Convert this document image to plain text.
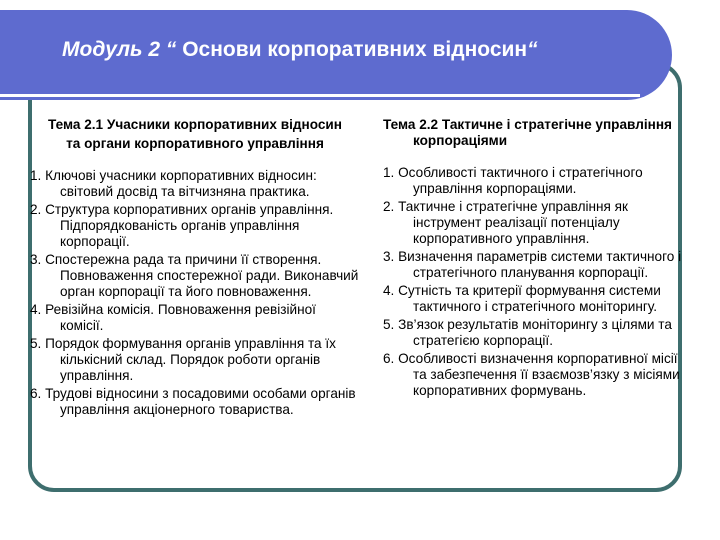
Модуль 2 “ Основи корпоративних відносин“
Тема 2.1 Учасники корпоративних відносин
та органи корпоративного управління
1. Ключові учасники корпоративних відносин: світовий досвід та вітчизняна практика.
2. Структура корпоративних органів управління. Підпорядкованість органів управління корпорації.
3. Спостережна рада та причини її створення. Повноваження спостережної ради. Виконавчий орган корпорації та його повноваження.
4. Ревізійна комісія. Повноваження ревізійної комісії.
5. Порядок формування органів управління та їх кількісний склад. Порядок роботи органів управління.
6. Трудові відносини з посадовими особами органів управління акціонерного товариства.
Тема 2.2 Тактичне і стратегічне управління корпораціями
1. Особливості тактичного і стратегічного управління корпораціями.
2. Тактичне і стратегічне управління як інструмент реалізації потенціалу корпоративного управління.
3. Визначення параметрів системи тактичного і стратегічного планування корпорації.
4. Сутність та критерії формування системи тактичного і стратегічного моніторингу.
5. Зв’язок результатів моніторингу з цілями та стратегією корпорації.
6. Особливості визначення корпоративної місії та забезпечення її взаємозв’язку з місіями корпоративних формувань.
